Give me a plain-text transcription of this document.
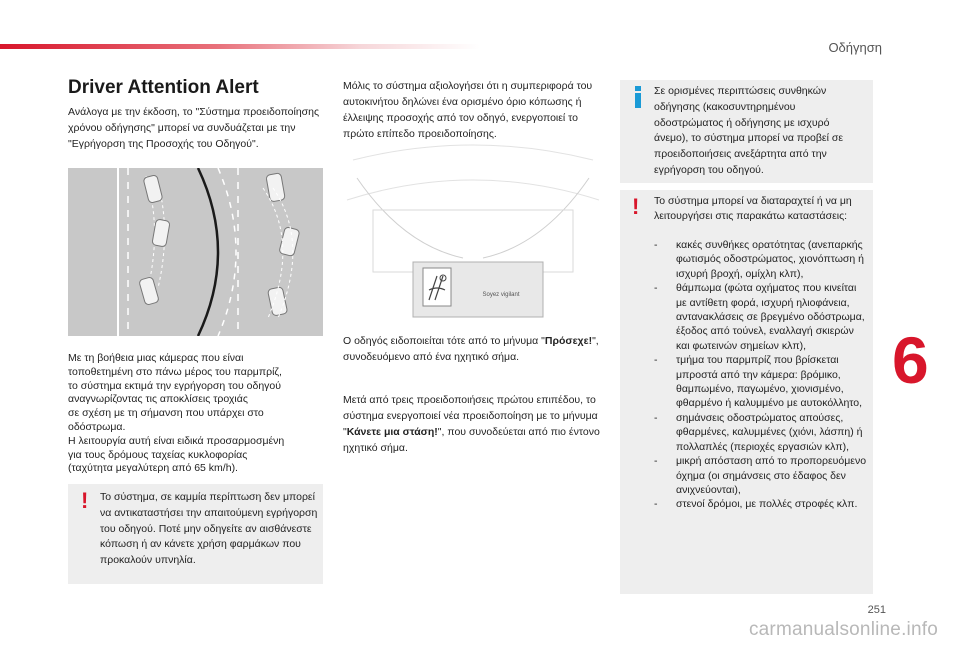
Οδήγηση
6
Driver Attention Alert

Ανάλογα με την έκδοση, το "Σύστημα προειδοποίησης χρόνου οδήγησης" μπορεί να συνδυάζεται με την "Εγρήγορση της Προσοχής του Οδηγού".

Με τη βοήθεια μιας κάμερας που είναι

τοποθετημένη στο πάνω μέρος του παρμπρίζ,

το σύστημα εκτιμά την εγρήγορση του οδηγού

αναγνωρίζοντας τις αποκλίσεις τροχιάς

σε σχέση με τη σήμανση που υπάρχει στο

οδόστρωμα.

Η λειτουργία αυτή είναι ειδικά προσαρμοσμένη

για τους δρόμους ταχείας κυκλοφορίας

(ταχύτητα μεγαλύτερη από 65 km/h).

! Το σύστημα, σε καμμία περίπτωση δεν μπορεί να αντικαταστήσει την απαιτούμενη εγρήγορση του οδηγού. Ποτέ μην οδηγείτε αν αισθάνεστε κόπωση ή αν κάνετε χρήση φαρμάκων που προκαλούν υπνηλία.

Μόλις το σύστημα αξιολογήσει ότι η συμπεριφορά του αυτοκινήτου δηλώνει ένα ορισμένο όριο κόπωσης ή έλλειψης προσοχής από τον οδηγό, ενεργοποιεί το πρώτο επίπεδο προειδοποίησης.

Soyez vigilant

Ο οδηγός ειδοποιείται τότε από το μήνυμα "Πρόσεχε!", συνοδευόμενο από ένα ηχητικό σήμα.

Μετά από τρεις προειδοποιήσεις πρώτου επιπέδου, το σύστημα ενεργοποιεί νέα προειδοποίηση με το μήνυμα "Κάνετε μια στάση!", που συνοδεύεται από πιο έντονο ηχητικό σήμα.

Σε ορισμένες περιπτώσεις συνθηκών οδήγησης (κακοσυντηρημένου οδοστρώματος ή οδήγησης με ισχυρό άνεμο), το σύστημα μπορεί να προβεί σε προειδοποιήσεις ανεξάρτητα από την εγρήγορση του οδηγού.

! Το σύστημα μπορεί να διαταραχτεί ή να μη λειτουργήσει στις παρακάτω καταστάσεις:

- κακές συνθήκες ορατότητας (ανεπαρκής φωτισμός οδοστρώματος, χιονόπτωση ή ισχυρή βροχή, ομίχλη κλπ),
- θάμπωμα (φώτα οχήματος που κινείται με αντίθετη φορά, ισχυρή ηλιοφάνεια, αντανακλάσεις σε βρεγμένο οδόστρωμα, έξοδος από τούνελ, εναλλαγή σκιερών και φωτεινών σημείων κλπ),
- τμήμα του παρμπρίζ που βρίσκεται μπροστά από την κάμερα: βρόμικο, θαμπωμένο, παγωμένο, χιονισμένο, φθαρμένο ή καλυμμένο με αυτοκόλλητο,
- σημάνσεις οδοστρώματος απούσες, φθαρμένες, καλυμμένες (χιόνι, λάσπη) ή πολλαπλές (περιοχές εργασιών κλπ),
- μικρή απόσταση από το προπορευόμενο όχημα (οι σημάνσεις στο έδαφος δεν ανιχνεύονται),
- στενοί δρόμοι, με πολλές στροφές κλπ.
251
carmanualsonline.info
